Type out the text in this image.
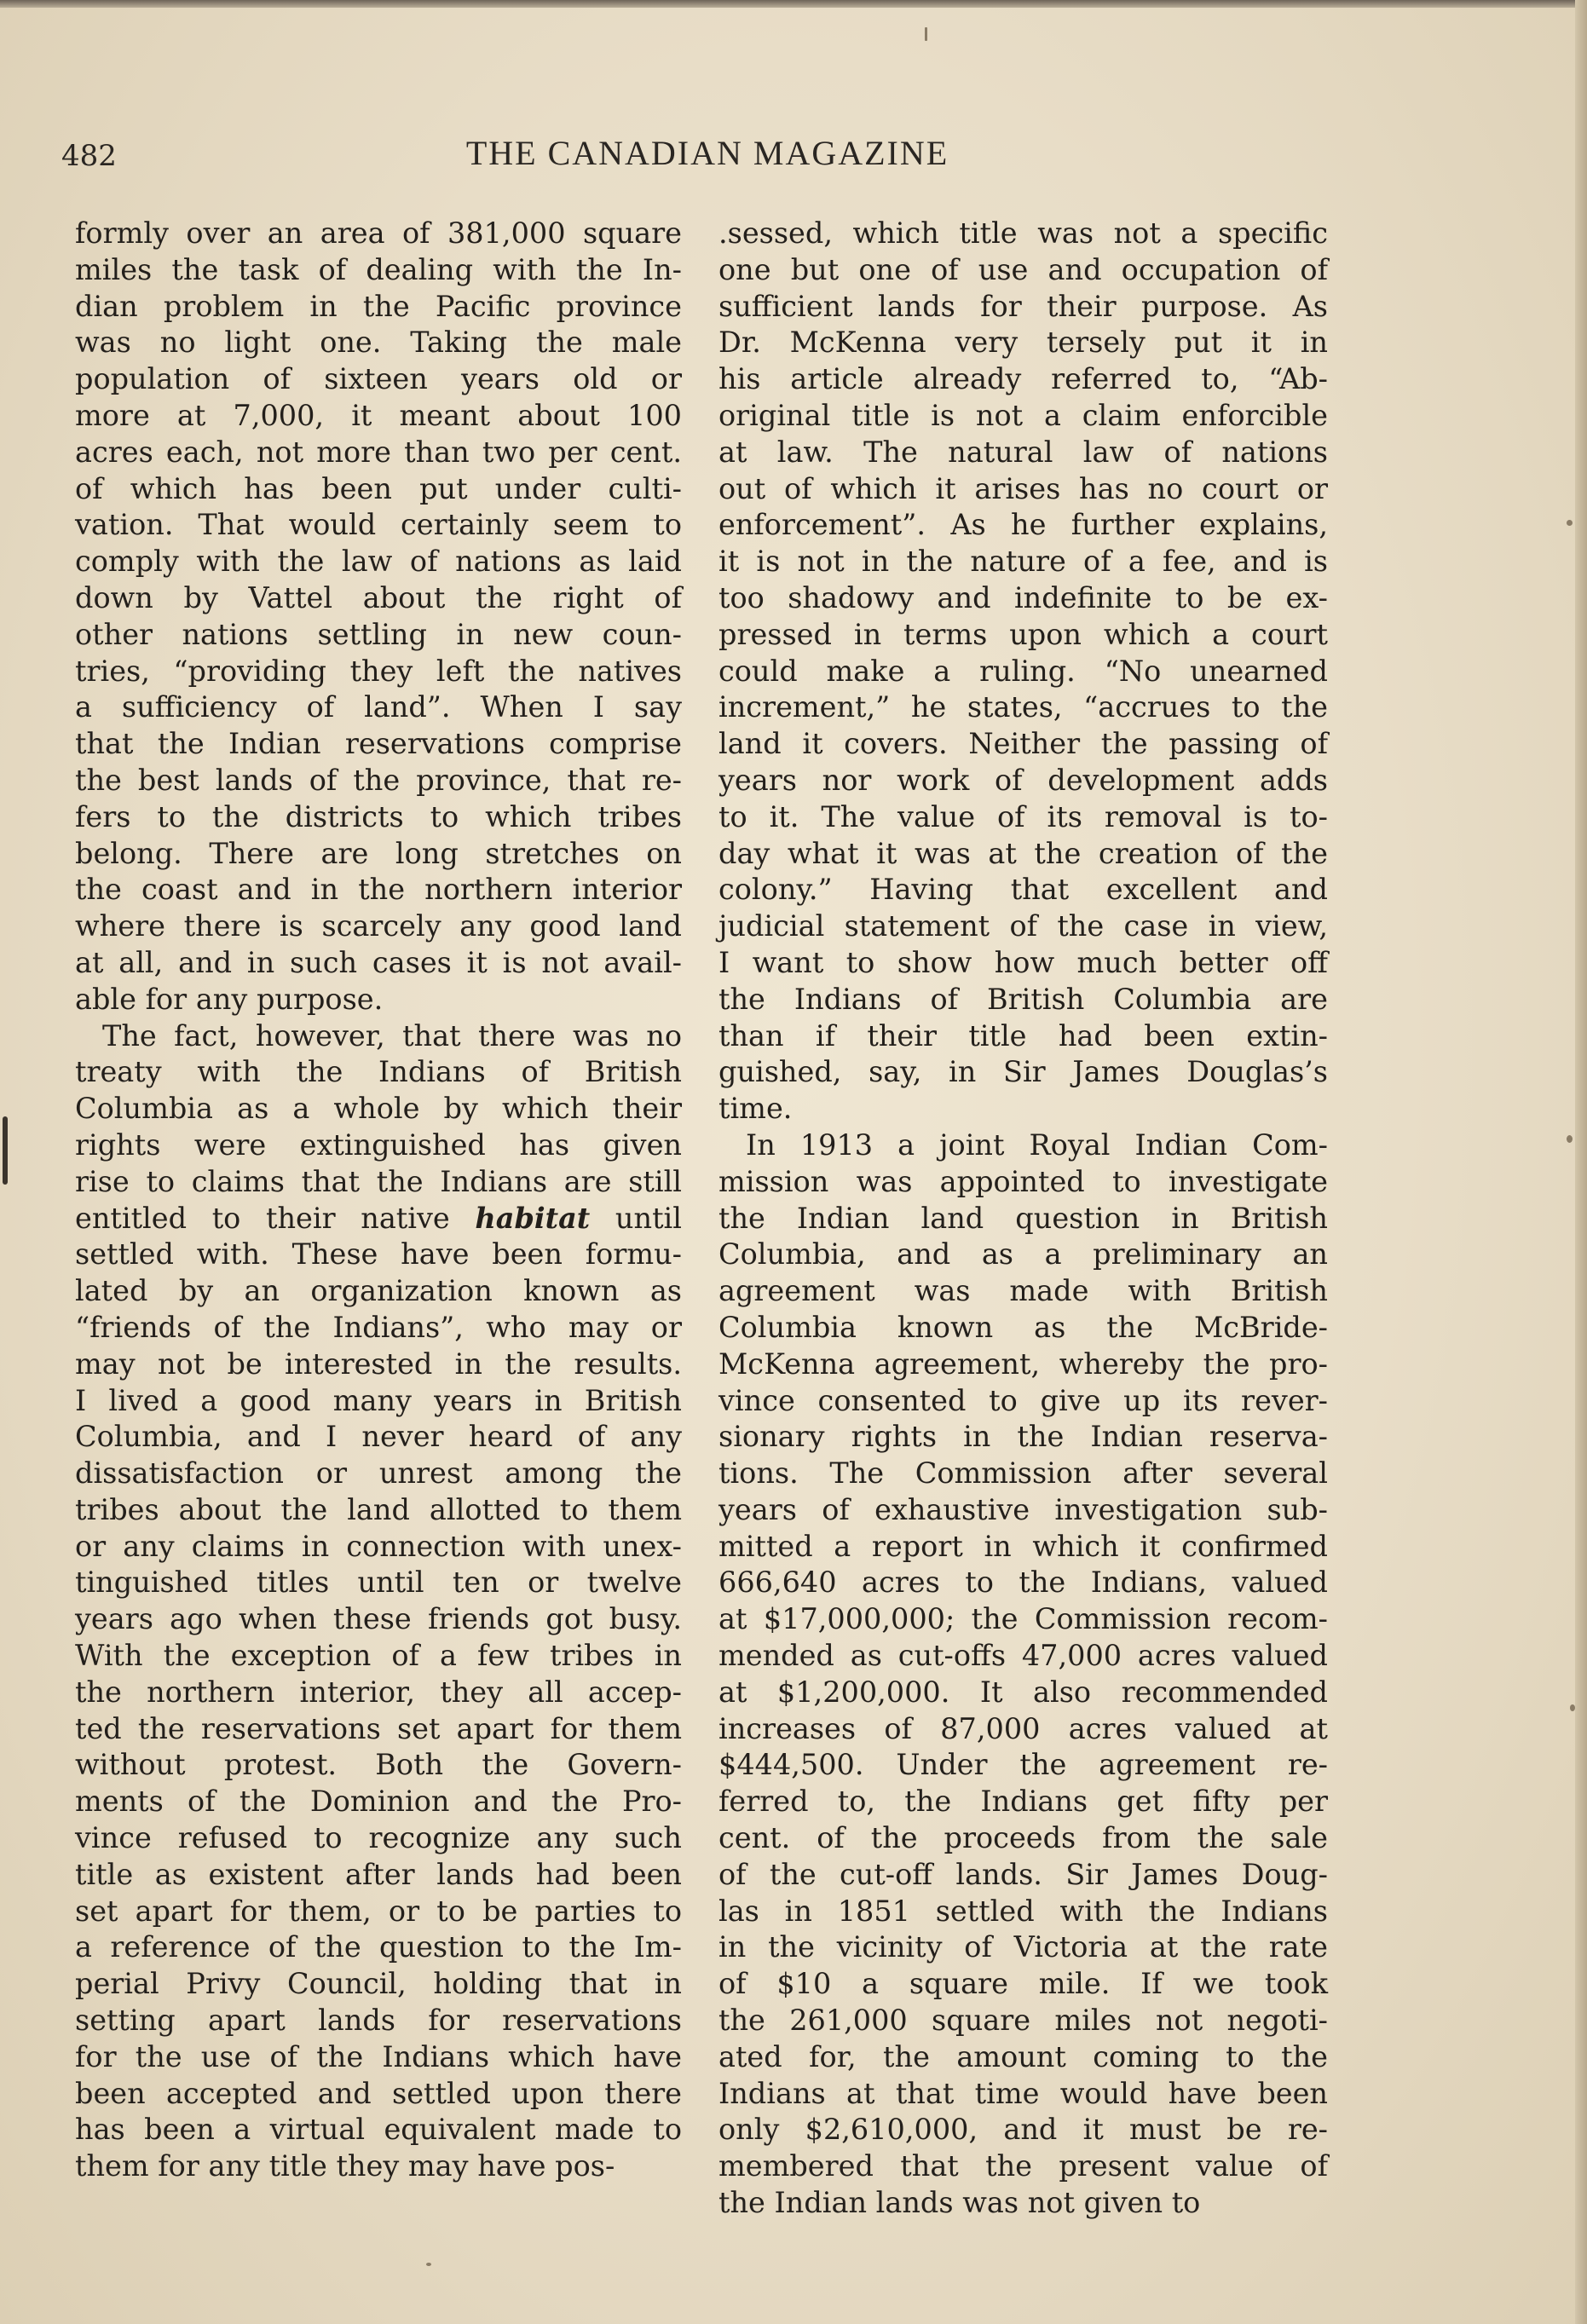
482	THE CANADIAN MAGAZINE
formly over an area of 381,000 square
miles the task of dealing with the In-
dian problem in the Pacific province
was no light one. Taking the male
population of sixteen years old or
more at 7,000, it meant about 100
acres each, not more than two per cent.
of which has been put under culti-
vation. That would certainly seem to
comply with the law of nations as laid
down by Vattel about the right of
other nations settling in new coun-
tries, “providing they left the natives
a sufficiency of land”. When I say
that the Indian reservations comprise
the best lands of the province, that re-
fers to the districts to which tribes
belong. There are long stretches on
the coast and in the northern interior
where there is scarcely any good land
at all, and in such cases it is not avail-
able for any purpose.
The fact, however, that there was no
treaty with the Indians of British
Columbia as a whole by which their
rights were extinguished has given
rise to claims that the Indians are still
entitled to their native habitat until
settled with. These have been formu-
lated by an organization known as
“friends of the Indians”, who may or
may not be interested in the results.
I lived a good many years in British
Columbia, and I never heard of any
dissatisfaction or unrest among the
tribes about the land allotted to them
or any claims in connection with unex-
tinguished titles until ten or twelve
years ago when these friends got busy.
With the exception of a few tribes in
the northern interior, they all accep-
ted the reservations set apart for them
without protest. Both the Govern-
ments of the Dominion and the Pro-
vince refused to recognize any such
title as existent after lands had been
set apart for them, or to be parties to
a reference of the question to the Im-
perial Privy Council, holding that in
setting apart lands for reservations
for the use of the Indians which have
been accepted and settled upon there
has been a virtual equivalent made to
them for any title they may have pos-
.sessed, which title was not a specific
one but one of use and occupation of
sufficient lands for their purpose. As
Dr. McKenna very tersely put it in
his article already referred to, “Ab-
original title is not a claim enforcible
at law. The natural law of nations
out of which it arises has no court or
enforcement”. As he further explains,
it is not in the nature of a fee, and is
too shadowy and indefinite to be ex-
pressed in terms upon which a court
could make a ruling. “No unearned
increment,” he states, “accrues to the
land it covers. Neither the passing of
years nor work of development adds
to it. The value of its removal is to-
day what it was at the creation of the
colony.” Having that excellent and
judicial statement of the case in view,
I want to show how much better off
the Indians of British Columbia are
than if their title had been extin-
guished, say, in Sir James Douglas’s
time.
In 1913 a joint Royal Indian Com-
mission was appointed to investigate
the Indian land question in British
Columbia, and as a preliminary an
agreement was made with British
Columbia known as the McBride-
McKenna agreement, whereby the pro-
vince consented to give up its rever-
sionary rights in the Indian reserva-
tions. The Commission after several
years of exhaustive investigation sub-
mitted a report in which it confirmed
666,640 acres to the Indians, valued
at $17,000,000; the Commission recom-
mended as cut-offs 47,000 acres valued
at $1,200,000. It also recommended
increases of 87,000 acres valued at
$444,500. Under the agreement re-
ferred to, the Indians get fifty per
cent. of the proceeds from the sale
of the cut-off lands. Sir James Doug-
las in 1851 settled with the Indians
in the vicinity of Victoria at the rate
of $10 a square mile. If we took
the 261,000 square miles not negoti-
ated for, the amount coming to the
Indians at that time would have been
only $2,610,000, and it must be re-
membered that the present value of
the Indian lands was not given to
